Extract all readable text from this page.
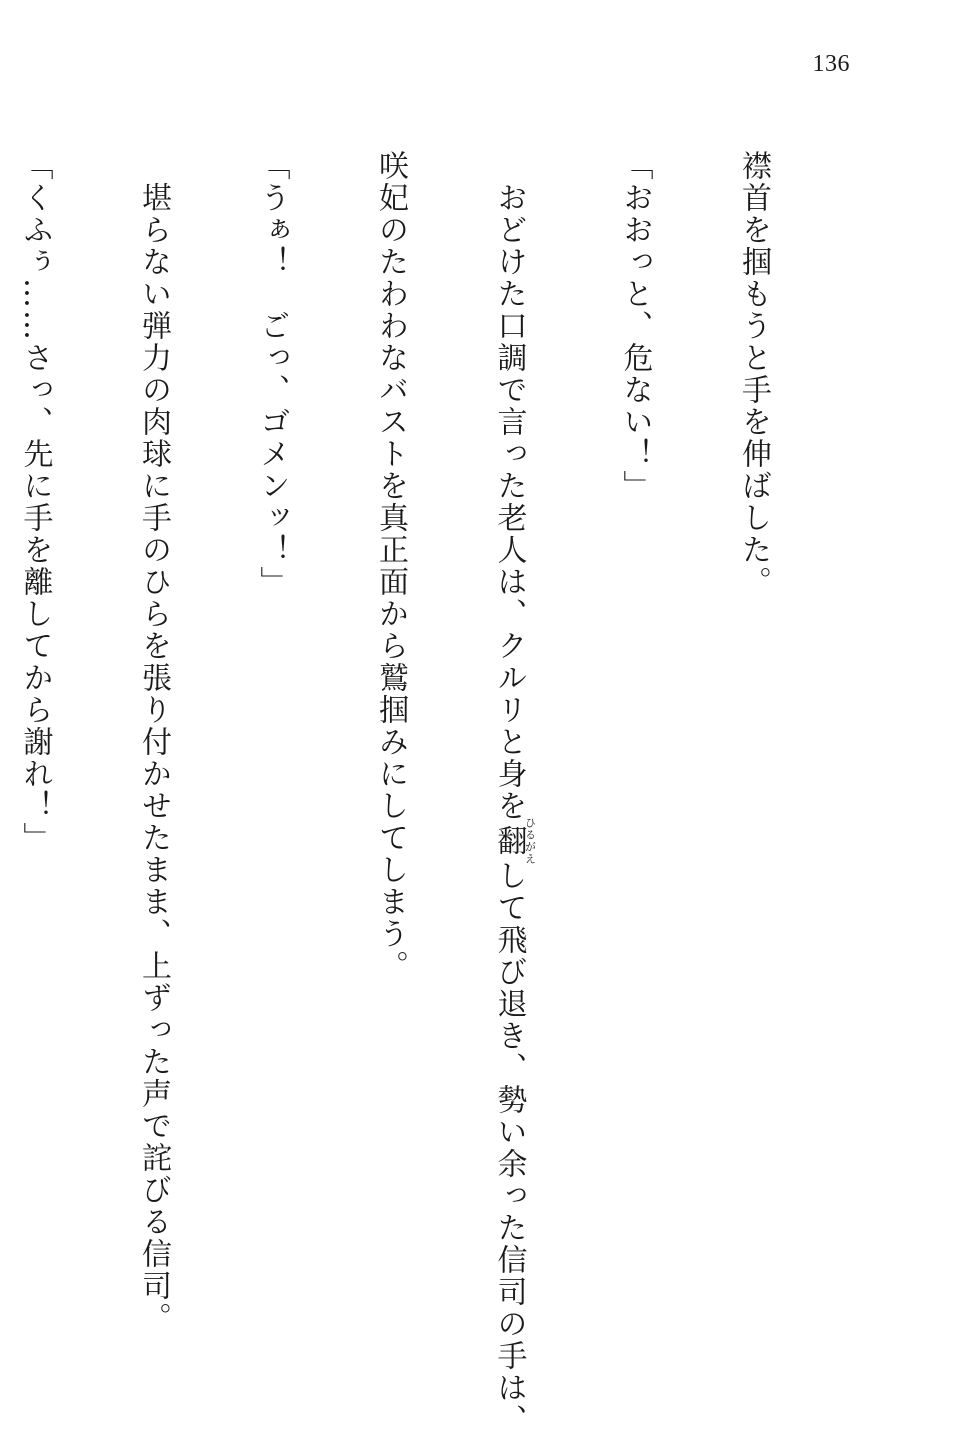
136

襟首を掴もうと手を伸ばした。

「おおっと、危ない！」

　おどけた口調で言った老人は、クルリと身を翻ひるがえして飛び退き、勢い余った信司の手は、

咲妃のたわわなバストを真正面から鷲掴みにしてしまう。

「うぁ！　ごっ、ゴメンッ！」

　堪らない弾力の肉球に手のひらを張り付かせたまま、上ずった声で詫びる信司。

「くふぅ……さっ、先に手を離してから謝れ！」
